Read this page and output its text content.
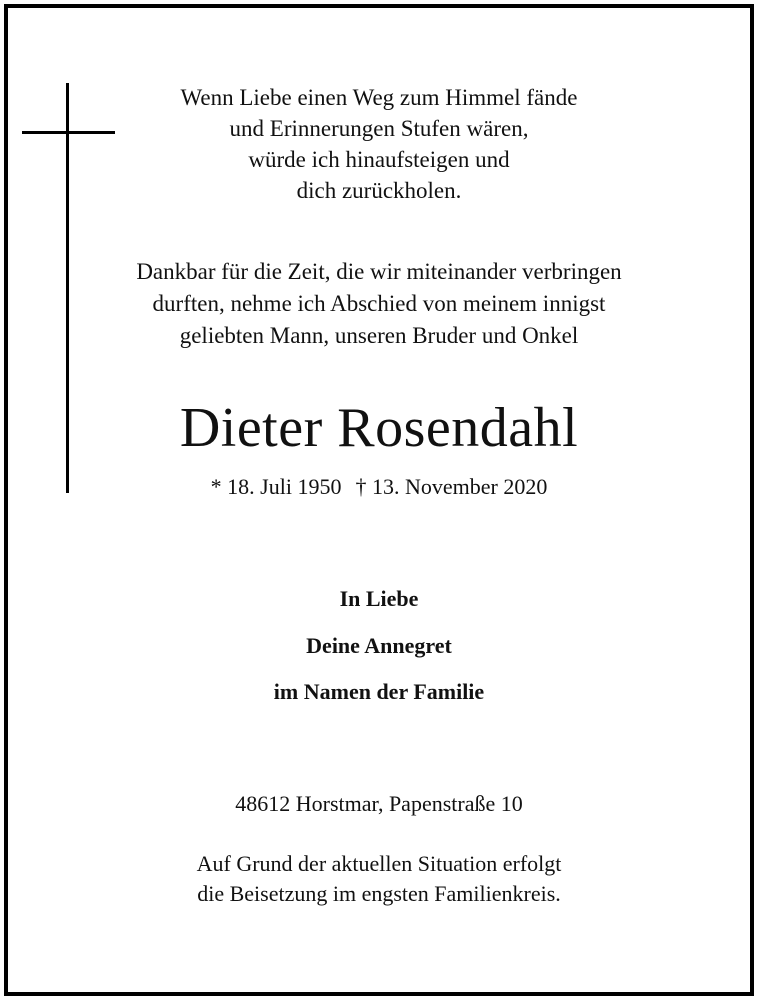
Wenn Liebe einen Weg zum Himmel fände
und Erinnerungen Stufen wären,
würde ich hinaufsteigen und
dich zurückholen.

Dankbar für die Zeit, die wir miteinander verbringen
durften, nehme ich Abschied von meinem innigst
geliebten Mann, unseren Bruder und Onkel

Dieter Rosendahl

* 18. Juli 1950 † 13. November 2020

In Liebe

Deine Annegret

im Namen der Familie

48612 Horstmar, Papenstraße 10

Auf Grund der aktuellen Situation erfolgt
die Beisetzung im engsten Familienkreis.
